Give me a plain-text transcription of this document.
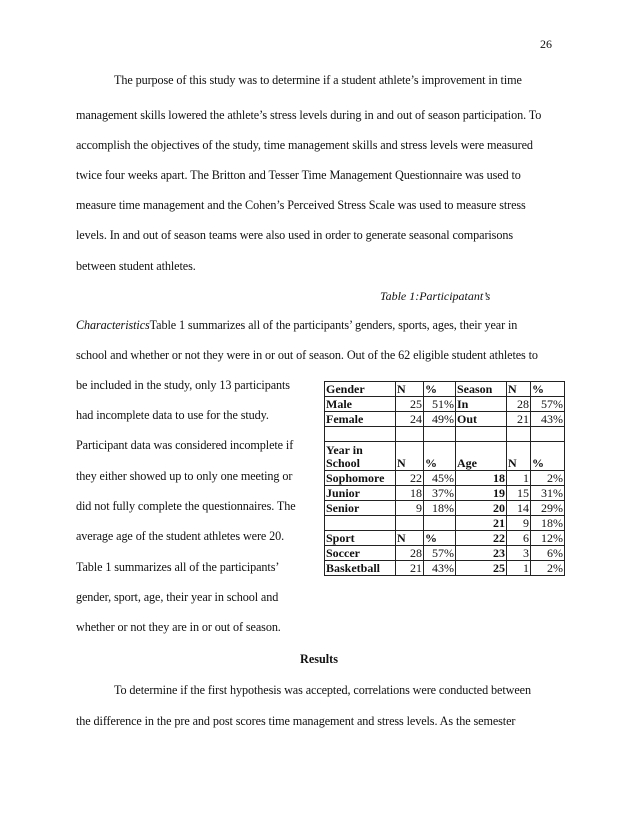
26
The purpose of this study was to determine if a student athlete’s improvement in time
management skills lowered the athlete’s stress levels during in and out of season participation. To
accomplish the objectives of the study, time management skills and stress levels were measured
twice four weeks apart. The Britton and Tesser Time Management Questionnaire was used to
measure time management and the Cohen’s Perceived Stress Scale was used to measure stress
levels. In and out of season teams were also used in order to generate seasonal comparisons
between student athletes.
Table 1:Participatant’s
CharacteristicsTable 1 summarizes all of the participants’ genders, sports, ages, their year in
school and whether or not they were in or out of season. Out of the 62 eligible student athletes to
be included in the study, only 13 participants
had incomplete data to use for the study.
Participant data was considered incomplete if
they either showed up to only one meeting or
did not fully complete the questionnaires. The
average age of the student athletes were 20.
Table 1 summarizes all of the participants’
gender, sport, age, their year in school and
whether or not they are in or out of season.
Gender	N	%	Season	N	%
Male	25	51%	In	28	57%
Female	24	49%	Out	21	43%

Year in School	N	%	Age	N	%
Sophomore	22	45%	18	1	2%
Junior	18	37%	19	15	31%
Senior	9	18%	20	14	29%
			21	9	18%
Sport	N	%	22	6	12%
Soccer	28	57%	23	3	6%
Basketball	21	43%	25	1	2%
Results
To determine if the first hypothesis was accepted, correlations were conducted between
the difference in the pre and post scores time management and stress levels. As the semester
